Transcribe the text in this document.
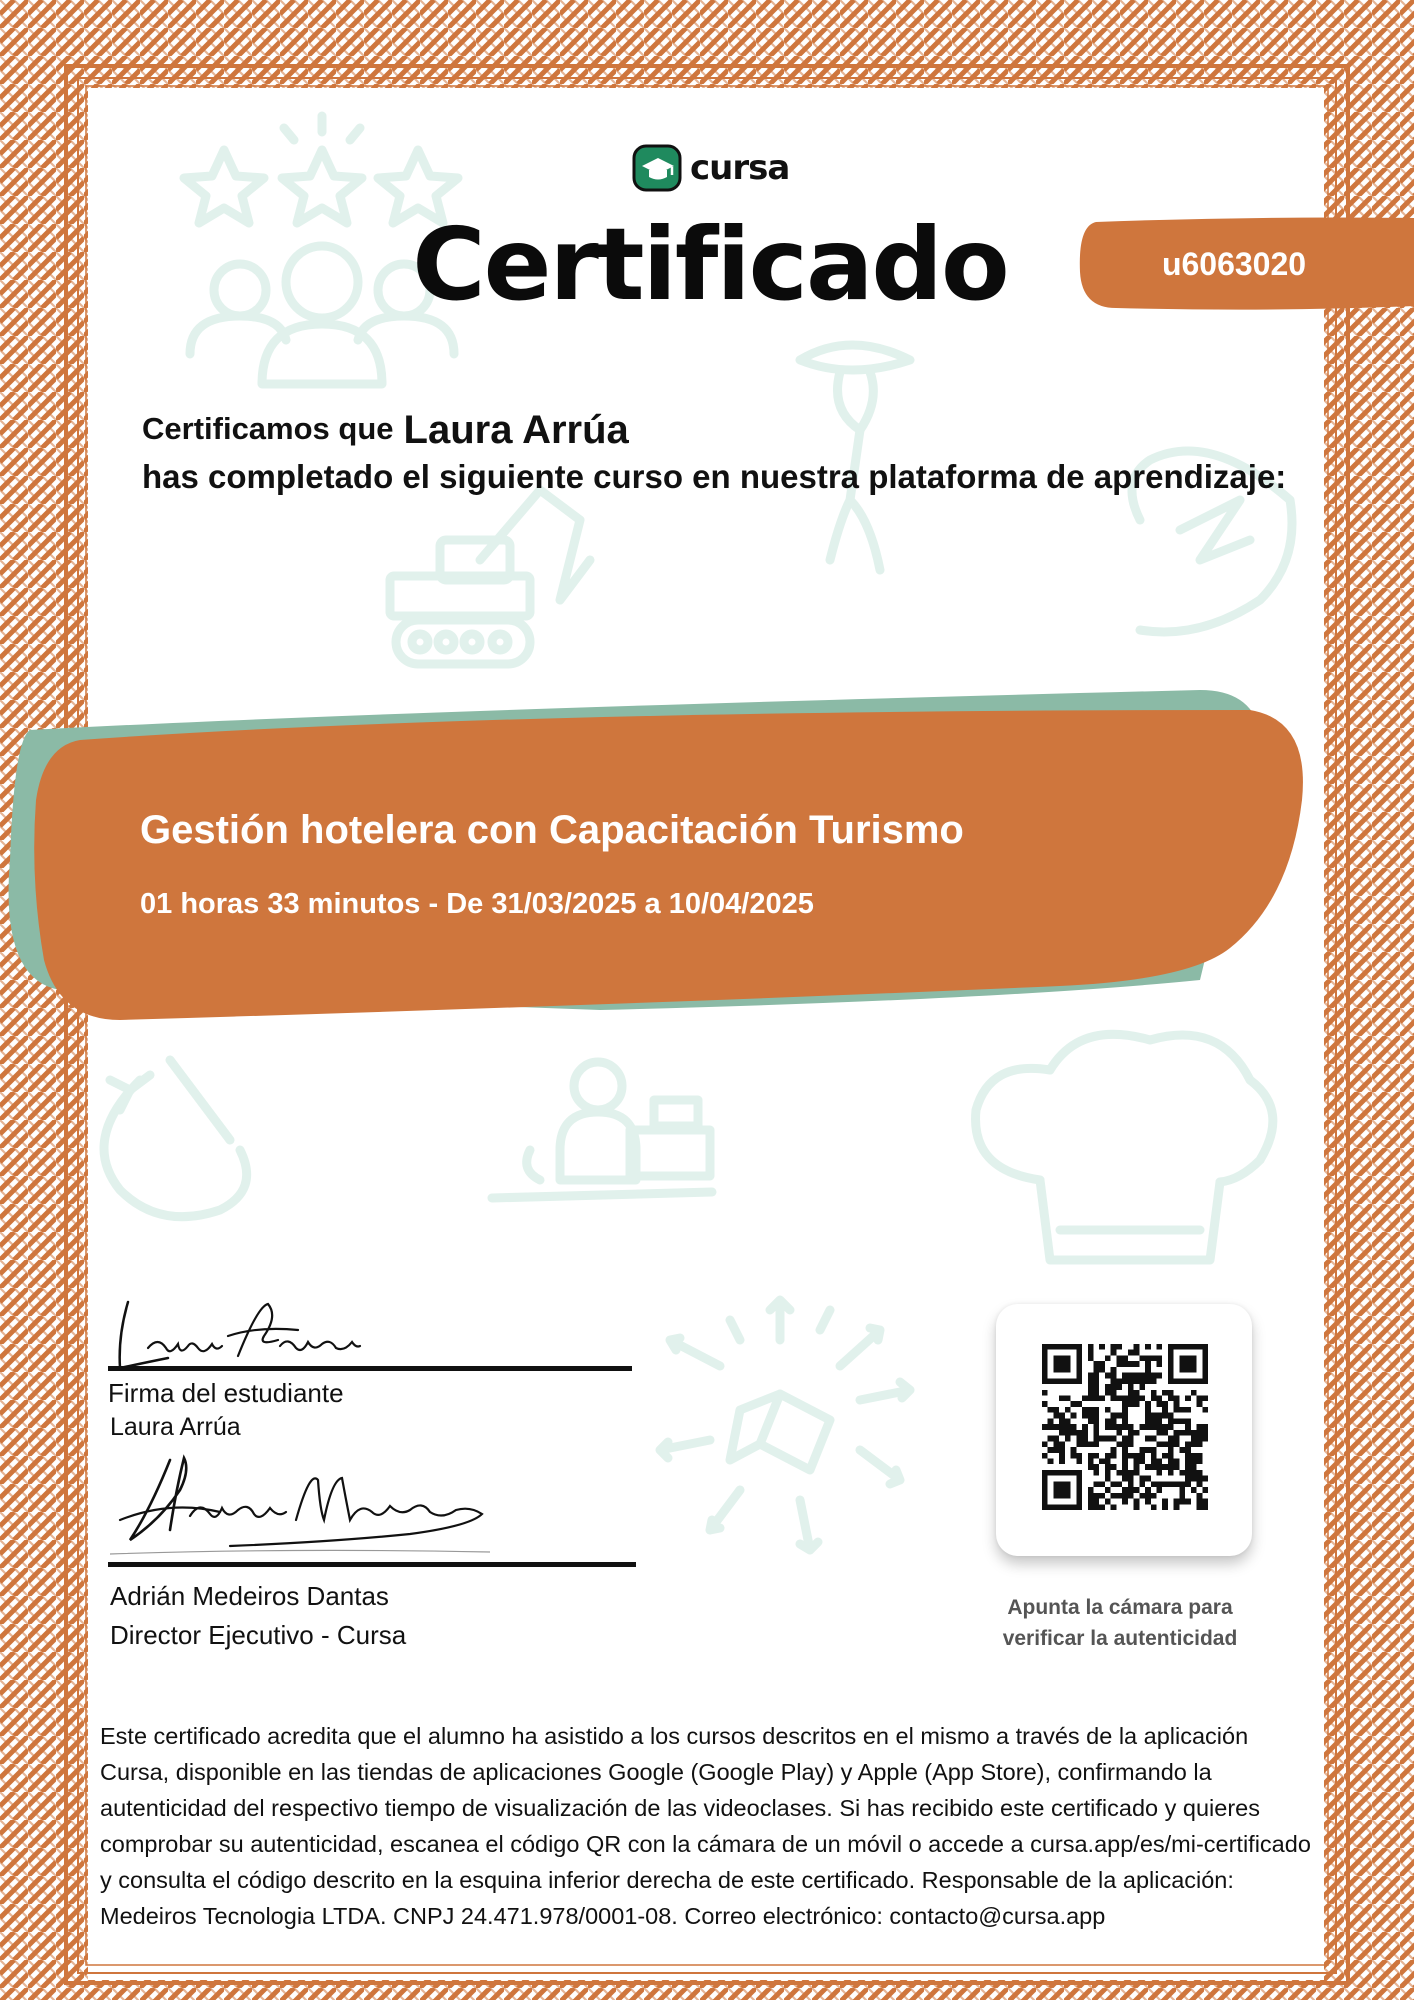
cursa
Certificado	u6063020
Certificamos que Laura Arrúa
has completado el siguiente curso en nuestra plataforma de aprendizaje:
Gestión hotelera con Capacitación Turismo
01 horas 33 minutos - De 31/03/2025 a 10/04/2025
Firma del estudiante
Laura Arrúa
Adrián Medeiros Dantas
Director Ejecutivo - Cursa
Apunta la cámara para
verificar la autenticidad
Este certificado acredita que el alumno ha asistido a los cursos descritos en el mismo a través de la aplicación Cursa, disponible en las tiendas de aplicaciones Google (Google Play) y Apple (App Store), confirmando la autenticidad del respectivo tiempo de visualización de las videoclases. Si has recibido este certificado y quieres comprobar su autenticidad, escanea el código QR con la cámara de un móvil o accede a cursa.app/es/mi-certificado y consulta el código descrito en la esquina inferior derecha de este certificado. Responsable de la aplicación: Medeiros Tecnologia LTDA. CNPJ 24.471.978/0001-08. Correo electrónico: contacto@cursa.app
